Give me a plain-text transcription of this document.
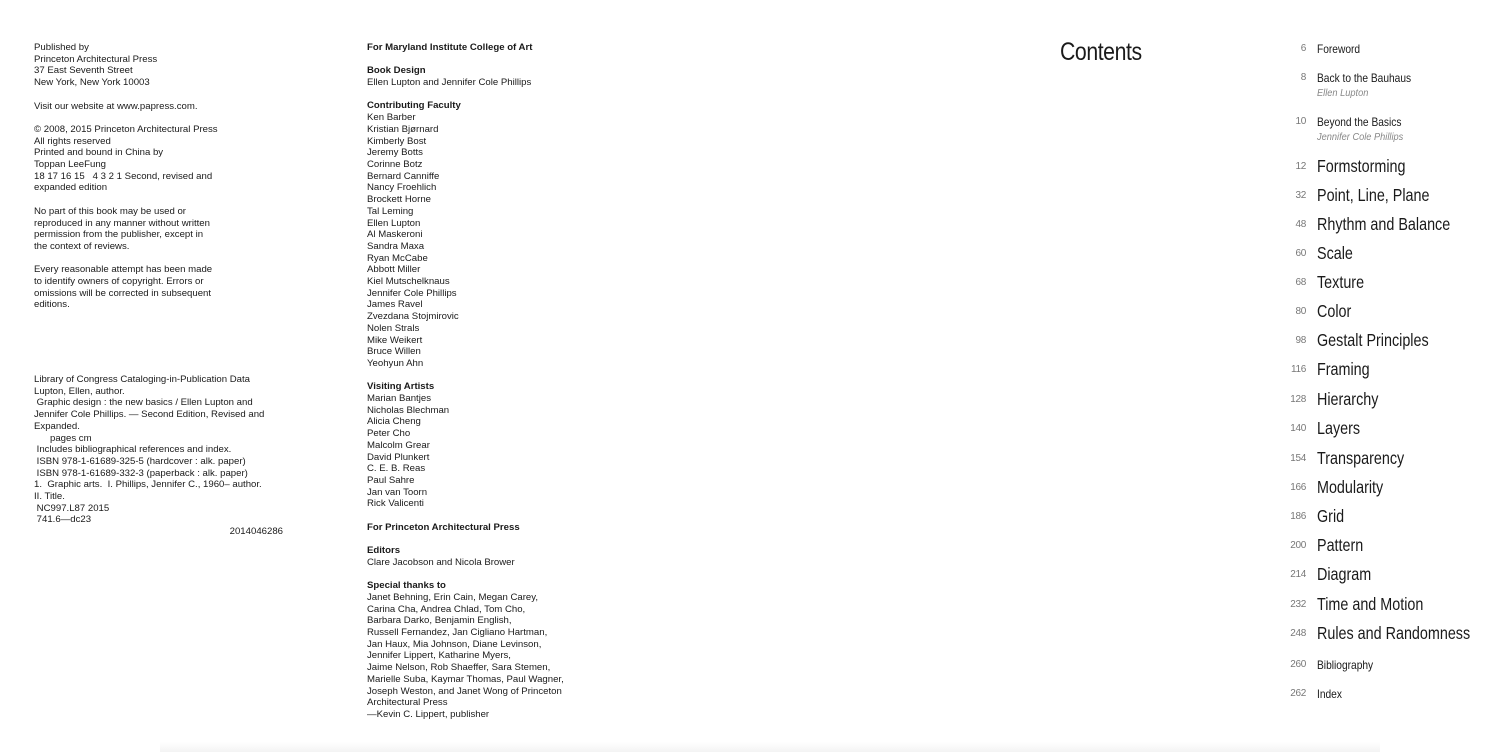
Published by
Princeton Architectural Press
37 East Seventh Street
New York, New York 10003
Visit our website at www.papress.com.
© 2008, 2015 Princeton Architectural Press
All rights reserved
Printed and bound in China by
Toppan LeeFung
18 17 16 15   4 3 2 1 Second, revised and
expanded edition
No part of this book may be used or
reproduced in any manner without written
permission from the publisher, except in
the context of reviews.
Every reasonable attempt has been made
to identify owners of copyright. Errors or
omissions will be corrected in subsequent
editions.
Library of Congress Cataloging-in-Publication Data
Lupton, Ellen, author.
Graphic design : the new basics / Ellen Lupton and
Jennifer Cole Phillips. — Second Edition, Revised and
Expanded.
pages cm
Includes bibliographical references and index.
ISBN 978-1-61689-325-5 (hardcover : alk. paper)
ISBN 978-1-61689-332-3 (paperback : alk. paper)
1.  Graphic arts.  I. Phillips, Jennifer C., 1960– author.
II. Title.
NC997.L87 2015
741.6—dc23
2014046286
For Maryland Institute College of Art
Book Design
Ellen Lupton and Jennifer Cole Phillips
Contributing Faculty
Ken Barber
Kristian Bjørnard
Kimberly Bost
Jeremy Botts
Corinne Botz
Bernard Canniffe
Nancy Froehlich
Brockett Horne
Tal Leming
Ellen Lupton
Al Maskeroni
Sandra Maxa
Ryan McCabe
Abbott Miller
Kiel Mutschelknaus
Jennifer Cole Phillips
James Ravel
Zvezdana Stojmirovic
Nolen Strals
Mike Weikert
Bruce Willen
Yeohyun Ahn
Visiting Artists
Marian Bantjes
Nicholas Blechman
Alicia Cheng
Peter Cho
Malcolm Grear
David Plunkert
C. E. B. Reas
Paul Sahre
Jan van Toorn
Rick Valicenti
For Princeton Architectural Press
Editors
Clare Jacobson and Nicola Brower
Special thanks to
Janet Behning, Erin Cain, Megan Carey,
Carina Cha, Andrea Chlad, Tom Cho,
Barbara Darko, Benjamin English,
Russell Fernandez, Jan Cigliano Hartman,
Jan Haux, Mia Johnson, Diane Levinson,
Jennifer Lippert, Katharine Myers,
Jaime Nelson, Rob Shaeffer, Sara Stemen,
Marielle Suba, Kaymar Thomas, Paul Wagner,
Joseph Weston, and Janet Wong of Princeton
Architectural Press
—Kevin C. Lippert, publisher
Contents	6 Foreword
8 Back to the Bauhaus
Ellen Lupton
10 Beyond the Basics
Jennifer Cole Phillips
12 Formstorming
32 Point, Line, Plane
48 Rhythm and Balance
60 Scale
68 Texture
80 Color
98 Gestalt Principles
116 Framing
128 Hierarchy
140 Layers
154 Transparency
166 Modularity
186 Grid
200 Pattern
214 Diagram
232 Time and Motion
248 Rules and Randomness
260 Bibliography
262 Index
